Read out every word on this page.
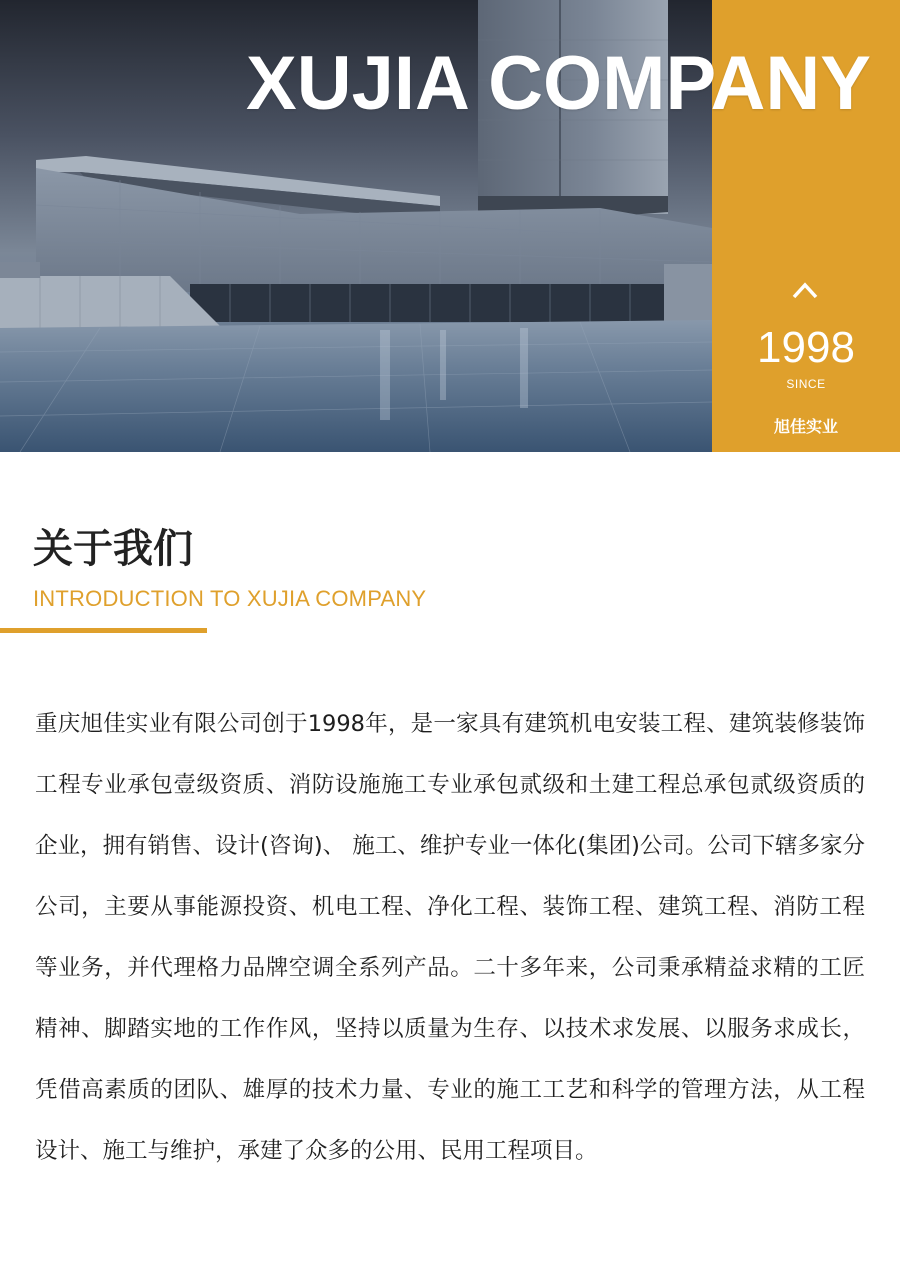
XUJIA COMPANY
1998
SINCE
旭佳实业
关于我们
INTRODUCTION TO XUJIA COMPANY

重庆旭佳实业有限公司创于1998年，是一家具有建筑机电安装工程、建筑装修装饰工程专业承包壹级资质、消防设施施工专业承包贰级和土建工程总承包贰级资质的企业，拥有销售、设计(咨询)、 施工、维护专业一体化(集团)公司。公司下辖多家分公司，主要从事能源投资、机电工程、净化工程、装饰工程、建筑工程、消防工程等业务，并代理格力品牌空调全系列产品。二十多年来，公司秉承精益求精的工匠精神、脚踏实地的工作作风，坚持以质量为生存、以技术求发展、以服务求成长，凭借高素质的团队、雄厚的技术力量、专业的施工工艺和科学的管理方法，从工程设计、施工与维护，承建了众多的公用、民用工程项目。
